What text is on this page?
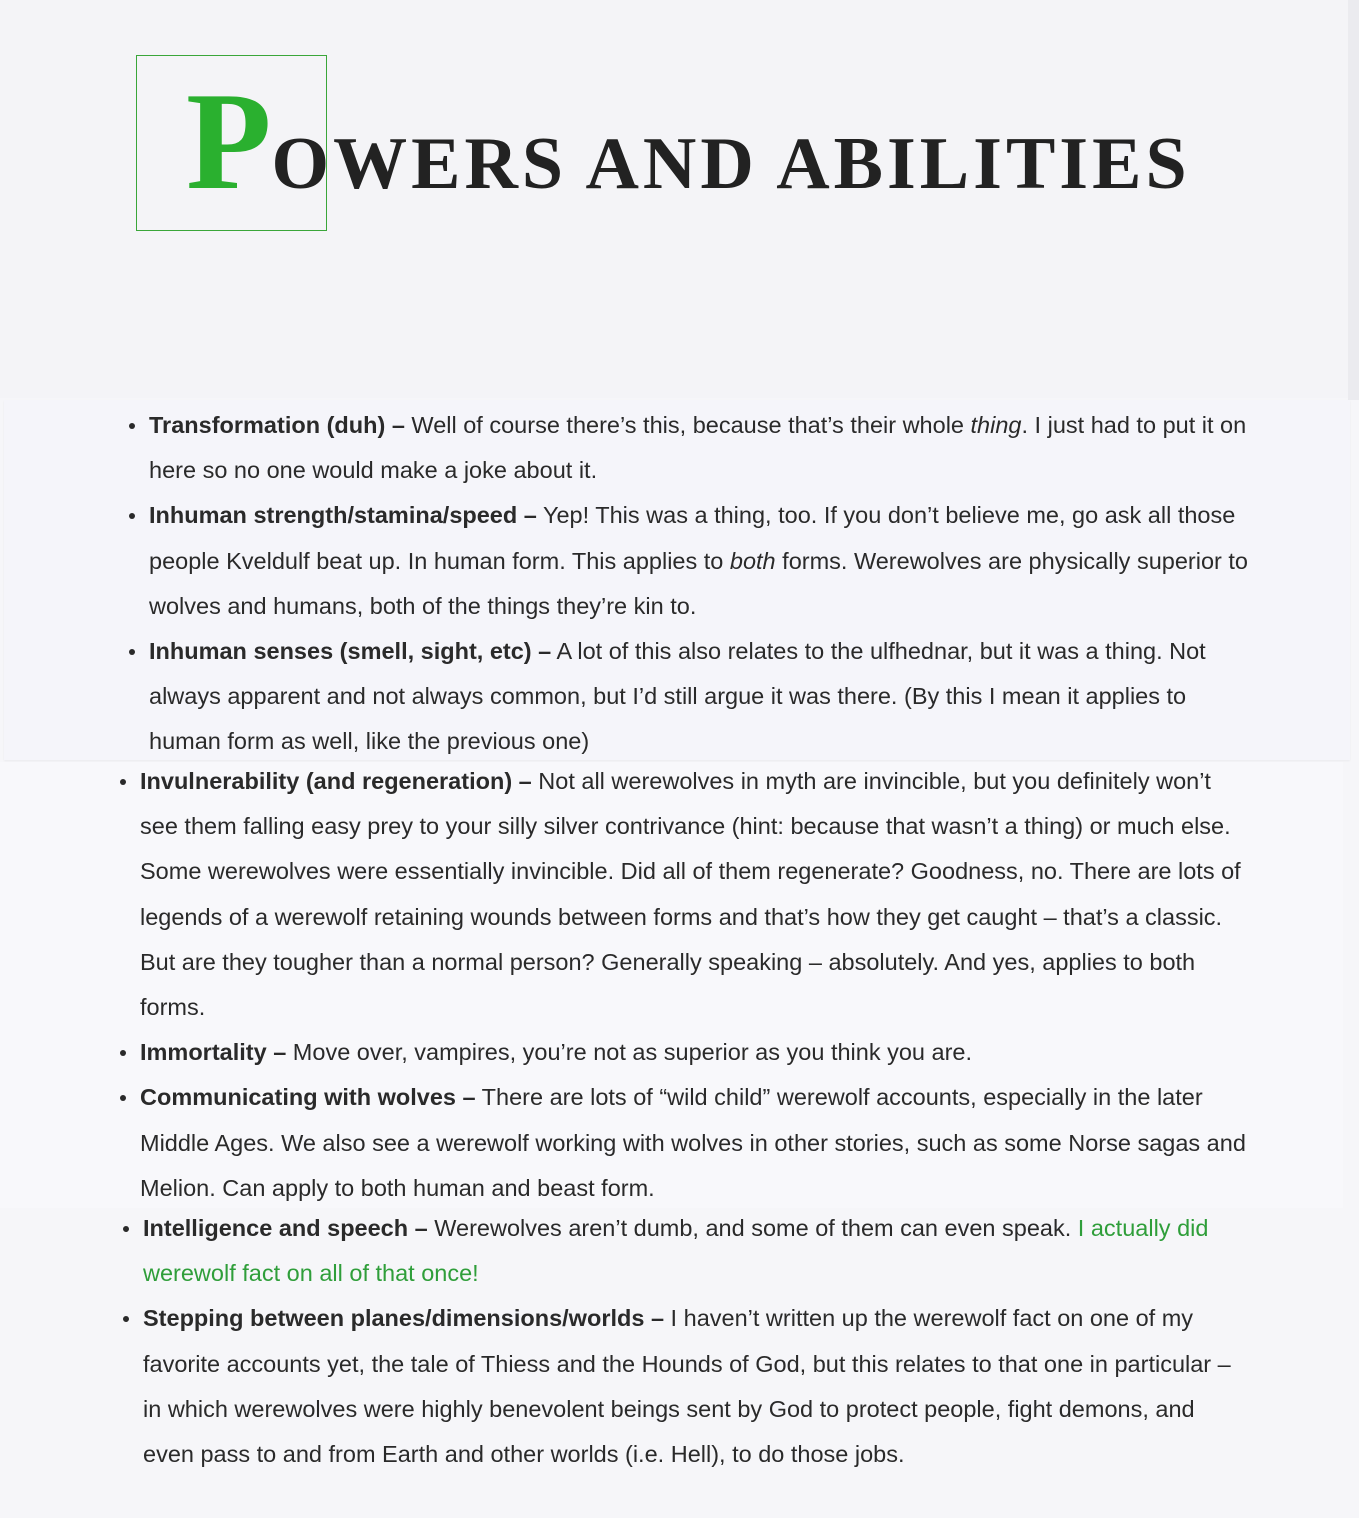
POWERS AND ABILITIES
Transformation (duh) – Well of course there’s this, because that’s their whole thing. I just had to put it on here so no one would make a joke about it.
Inhuman strength/stamina/speed – Yep! This was a thing, too. If you don’t believe me, go ask all those people Kveldulf beat up. In human form. This applies to both forms. Werewolves are physically superior to wolves and humans, both of the things they’re kin to.
Inhuman senses (smell, sight, etc) – A lot of this also relates to the ulfhednar, but it was a thing. Not always apparent and not always common, but I’d still argue it was there. (By this I mean it applies to human form as well, like the previous one)
Invulnerability (and regeneration) – Not all werewolves in myth are invincible, but you definitely won’t see them falling easy prey to your silly silver contrivance (hint: because that wasn’t a thing) or much else. Some werewolves were essentially invincible. Did all of them regenerate? Goodness, no. There are lots of legends of a werewolf retaining wounds between forms and that’s how they get caught – that’s a classic. But are they tougher than a normal person? Generally speaking – absolutely. And yes, applies to both forms.
Immortality – Move over, vampires, you’re not as superior as you think you are.
Communicating with wolves – There are lots of “wild child” werewolf accounts, especially in the later Middle Ages. We also see a werewolf working with wolves in other stories, such as some Norse sagas and Melion. Can apply to both human and beast form.
Intelligence and speech – Werewolves aren’t dumb, and some of them can even speak. I actually did werewolf fact on all of that once!
Stepping between planes/dimensions/worlds – I haven’t written up the werewolf fact on one of my favorite accounts yet, the tale of Thiess and the Hounds of God, but this relates to that one in particular – in which werewolves were highly benevolent beings sent by God to protect people, fight demons, and even pass to and from Earth and other worlds (i.e. Hell), to do those jobs.
